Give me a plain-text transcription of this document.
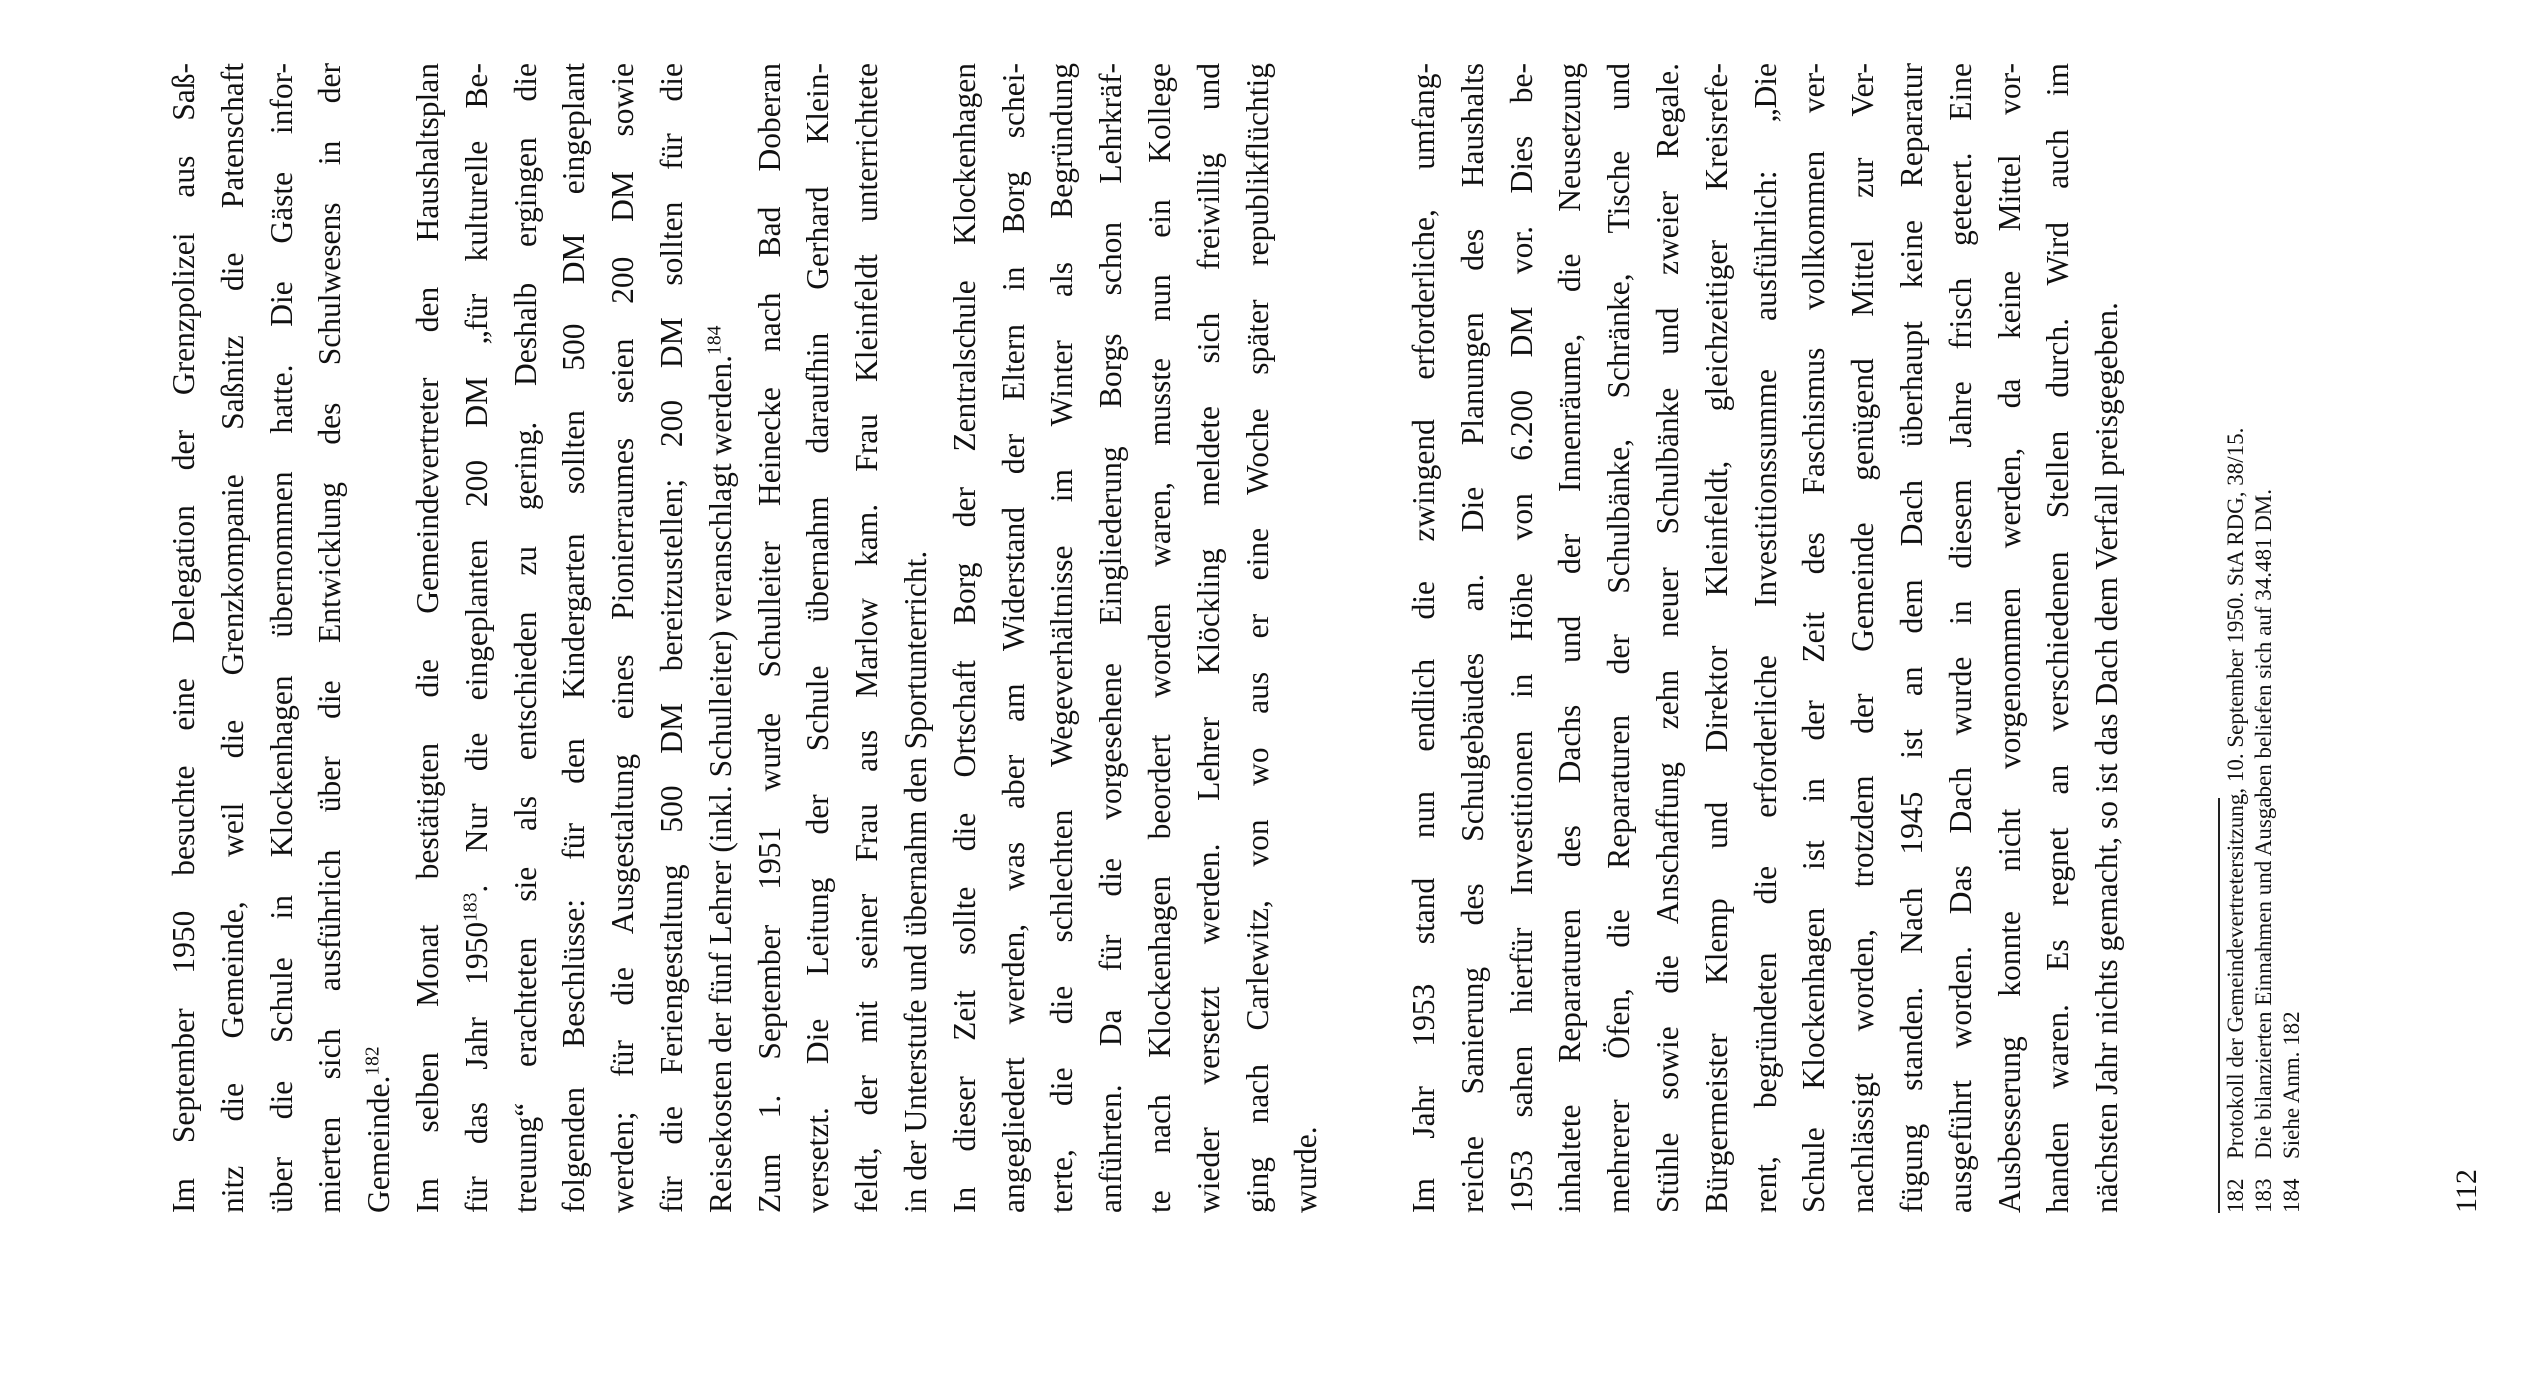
Im September 1950 besuchte eine Delegation der Grenzpolizei aus Saß- nitz die Gemeinde, weil die Grenzkompanie Saßnitz die Patenschaft über die Schule in Klockenhagen übernommen hatte. Die Gäste infor- mierten sich ausführlich über die Entwicklung des Schulwesens in der Gemeinde.$^{182}$ Im selben Monat bestätigten die Gemeindevertreter den Haushaltsplan für das Jahr 1950$^{183}$. Nur die eingeplanten 200 DM „für kulturelle Be- treuung“ erachteten sie als entschieden zu gering. Deshalb ergingen die folgenden Beschlüsse: für den Kindergarten sollten 500 DM eingeplant werden; für die Ausgestaltung eines Pionierraumes seien 200 DM sowie für die Feriengestaltung 500 DM bereitzustellen; 200 DM sollten für die Reisekosten der fünf Lehrer (inkl. Schulleiter) veranschlagt werden.$^{184}$ Zum 1. September 1951 wurde Schulleiter Heinecke nach Bad Doberan versetzt. Die Leitung der Schule übernahm daraufhin Gerhard Klein- feldt, der mit seiner Frau aus Marlow kam. Frau Kleinfeldt unterrichtete in der Unterstufe und übernahm den Sportunterricht. In dieser Zeit sollte die Ortschaft Borg der Zentralschule Klockenhagen angegliedert werden, was aber am Widerstand der Eltern in Borg schei- terte, die die schlechten Wegeverhältnisse im Winter als Begründung anführten. Da für die vorgesehene Eingliederung Borgs schon Lehrkräf- te nach Klockenhagen beordert worden waren, musste nun ein Kollege wieder versetzt werden. Lehrer Klöckling meldete sich freiwillig und ging nach Carlewitz, von wo aus er eine Woche später republikflüchtig wurde.	Im Jahr 1953 stand nun endlich die zwingend erforderliche, umfang- reiche Sanierung des Schulgebäudes an. Die Planungen des Haushalts 1953 sahen hierfür Investitionen in Höhe von 6.200 DM vor. Dies be- inhaltete Reparaturen des Dachs und der Innenräume, die Neusetzung mehrerer Öfen, die Reparaturen der Schulbänke, Schränke, Tische und Stühle sowie die Anschaffung zehn neuer Schulbänke und zweier Regale. Bürgermeister Klemp und Direktor Kleinfeldt, gleichzeitiger Kreisrefe- rent, begründeten die erforderliche Investitionssumme ausführlich: „Die Schule Klockenhagen ist in der Zeit des Faschismus vollkommen ver- nachlässigt worden, trotzdem der Gemeinde genügend Mittel zur Ver- fügung standen. Nach 1945 ist an dem Dach überhaupt keine Reparatur ausgeführt worden. Das Dach wurde in diesem Jahre frisch geteert. Eine Ausbesserung konnte nicht vorgenommen werden, da keine Mittel vor- handen waren. Es regnet an verschiedenen Stellen durch. Wird auch im nächsten Jahr nichts gemacht, so ist das Dach dem Verfall preisgegeben.	182
Protokoll der Gemeindevertretersitzung, 10. September 1950. StA RDG, 38/15.
183
Die bilanzierten Einnahmen und Ausgaben beliefen sich auf 34.481 DM.
184
Siehe Anm. 182
112
